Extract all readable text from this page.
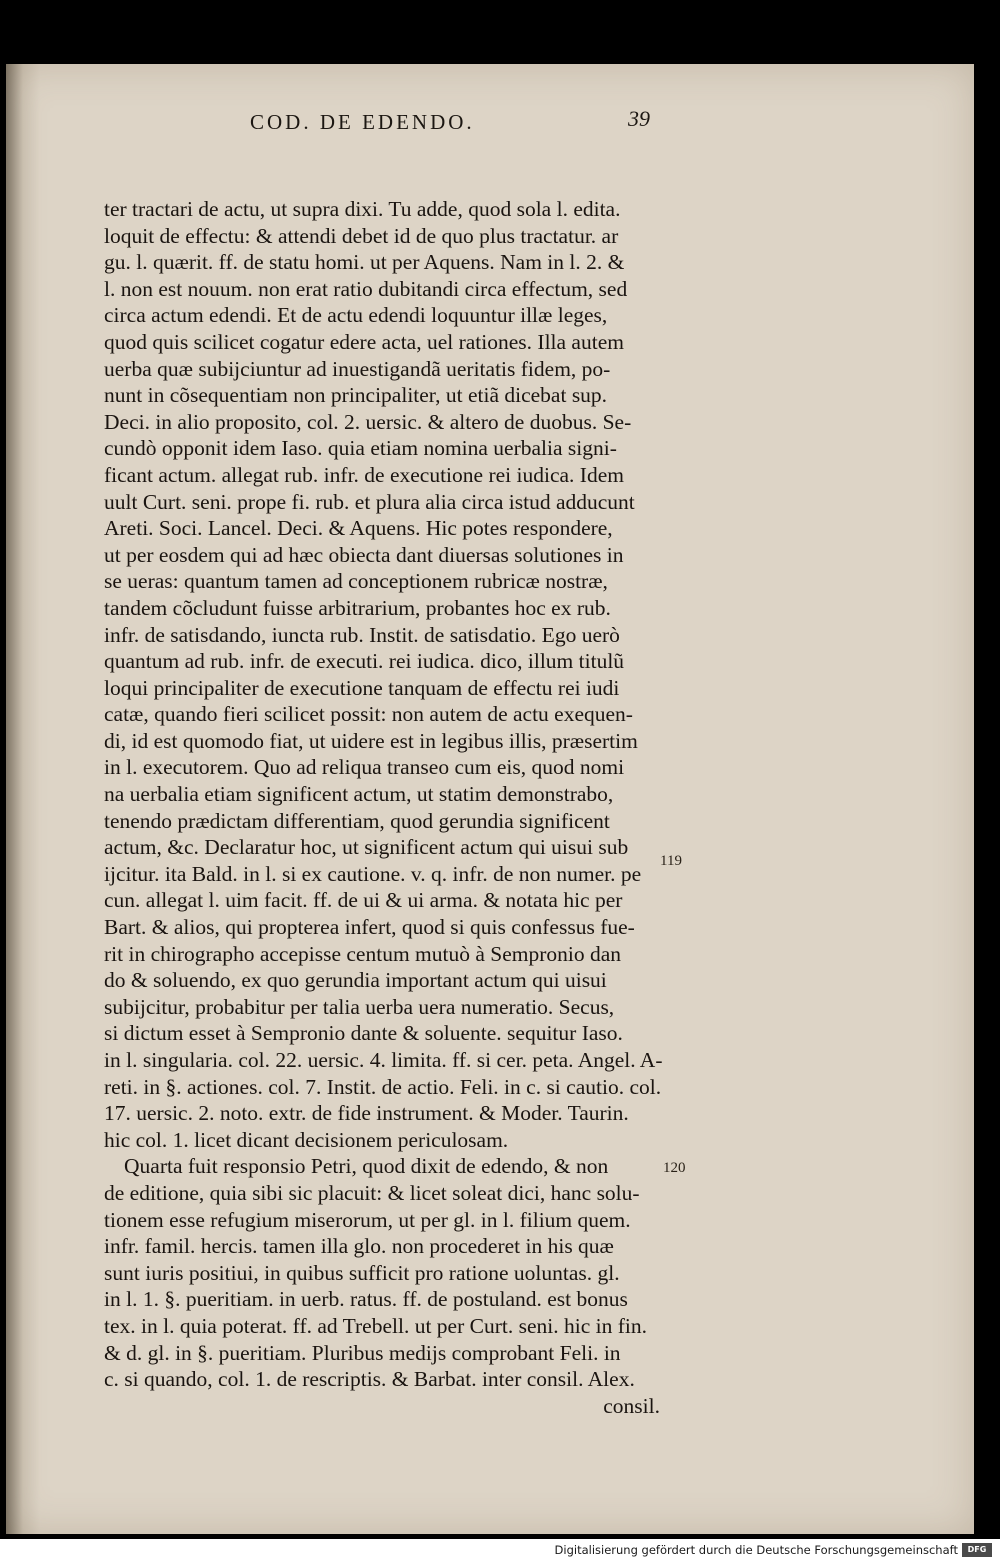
COD. DE EDENDO.	39
ter tractari de actu, ut supra dixi. Tu adde, quod sola l. edita.
loquit de effectu: & attendi debet id de quo plus tractatur. ar
gu. l. quærit. ff. de statu homi. ut per Aquens. Nam in l. 2. &
l. non est nouum. non erat ratio dubitandi circa effectum, sed
circa actum edendi. Et de actu edendi loquuntur illæ leges,
quod quis scilicet cogatur edere acta, uel rationes. Illa autem
uerba quæ subijciuntur ad inuestigandã ueritatis fidem, po-
nunt in cõsequentiam non principaliter, ut etiã dicebat sup.
Deci. in alio proposito, col. 2. uersic. & altero de duobus. Se-
cundò opponit idem Iaso. quia etiam nomina uerbalia signi-
ficant actum. allegat rub. infr. de executione rei iudica. Idem
uult Curt. seni. prope fi. rub. et plura alia circa istud adducunt
Areti. Soci. Lancel. Deci. & Aquens. Hic potes respondere,
ut per eosdem qui ad hæc obiecta dant diuersas solutiones in
se ueras: quantum tamen ad conceptionem rubricæ nostræ,
tandem cõcludunt fuisse arbitrarium, probantes hoc ex rub.
infr. de satisdando, iuncta rub. Instit. de satisdatio. Ego uerò
quantum ad rub. infr. de executi. rei iudica. dico, illum titulũ
loqui principaliter de executione tanquam de effectu rei iudi
catæ, quando fieri scilicet possit: non autem de actu exequen-
di, id est quomodo fiat, ut uidere est in legibus illis, præsertim
in l. executorem. Quo ad reliqua transeo cum eis, quod nomi
na uerbalia etiam significent actum, ut statim demonstrabo,
tenendo prædictam differentiam, quod gerundia significent
actum, &c. Declaratur hoc, ut significent actum qui uisui sub
ijcitur. ita Bald. in l. si ex cautione. v. q. infr. de non numer. pe
cun. allegat l. uim facit. ff. de ui & ui arma. & notata hic per
Bart. & alios, qui propterea infert, quod si quis confessus fue-
rit in chirographo accepisse centum mutuò à Sempronio dan
do & soluendo, ex quo gerundia important actum qui uisui
subijcitur, probabitur per talia uerba uera numeratio. Secus,
si dictum esset à Sempronio dante & soluente. sequitur Iaso.
in l. singularia. col. 22. uersic. 4. limita. ff. si cer. peta. Angel. A-
reti. in §. actiones. col. 7. Instit. de actio. Feli. in c. si cautio. col.
17. uersic. 2. noto. extr. de fide instrument. & Moder. Taurin.
hic col. 1. licet dicant decisionem periculosam.
Quarta fuit responsio Petri, quod dixit de edendo, & non
de editione, quia sibi sic placuit: & licet soleat dici, hanc solu-
tionem esse refugium miserorum, ut per gl. in l. filium quem.
infr. famil. hercis. tamen illa glo. non procederet in his quæ
sunt iuris positiui, in quibus sufficit pro ratione uoluntas. gl.
in l. 1. §. pueritiam. in uerb. ratus. ff. de postuland. est bonus
tex. in l. quia poterat. ff. ad Trebell. ut per Curt. seni. hic in fin.
& d. gl. in §. pueritiam. Pluribus medijs comprobant Feli. in
c. si quando, col. 1. de rescriptis. & Barbat. inter consil. Alex.
consil.
119
120
Digitalisierung gefördert durch die Deutsche Forschungsgemeinschaft	DFG
